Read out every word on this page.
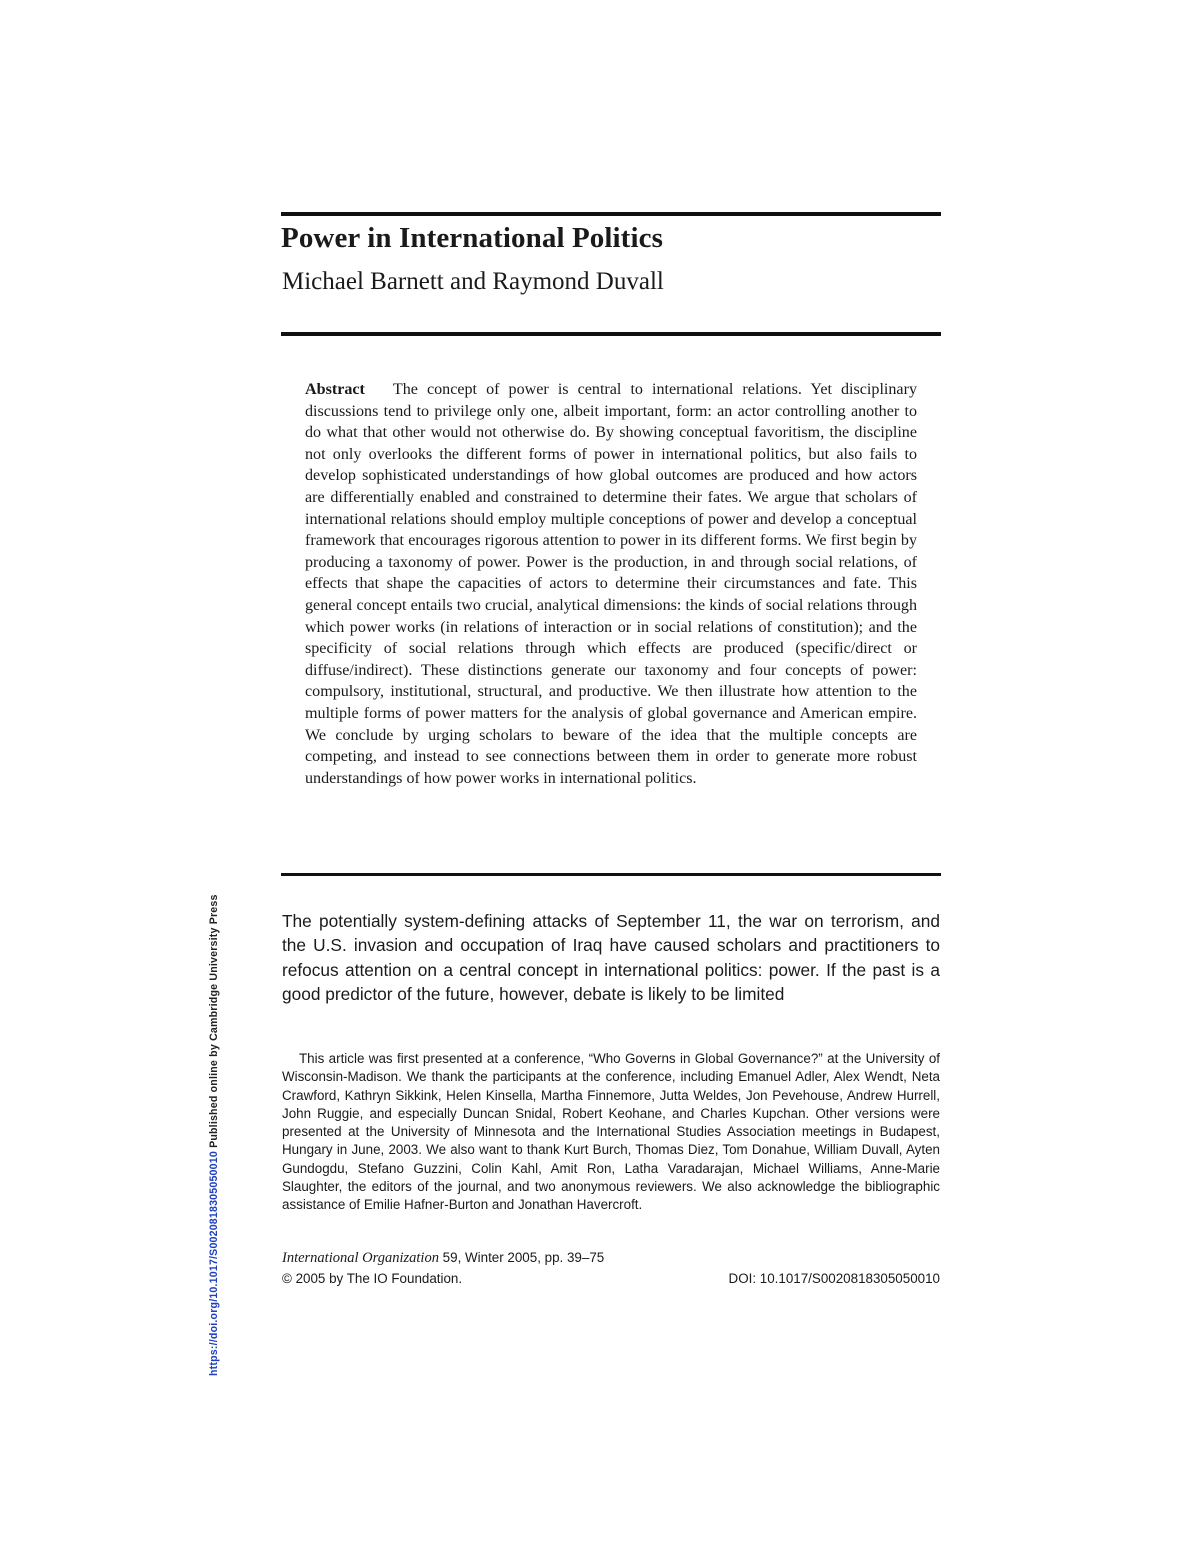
Power in International Politics

Michael Barnett and Raymond Duvall

Abstract The concept of power is central to international relations. Yet disciplinary discussions tend to privilege only one, albeit important, form: an actor controlling another to do what that other would not otherwise do. By showing conceptual favoritism, the discipline not only overlooks the different forms of power in international politics, but also fails to develop sophisticated understandings of how global outcomes are produced and how actors are differentially enabled and constrained to determine their fates. We argue that scholars of international relations should employ multiple conceptions of power and develop a conceptual framework that encourages rigorous attention to power in its different forms. We first begin by producing a taxonomy of power. Power is the production, in and through social relations, of effects that shape the capacities of actors to determine their circumstances and fate. This general concept entails two crucial, analytical dimensions: the kinds of social relations through which power works (in relations of interaction or in social relations of constitution); and the specificity of social relations through which effects are produced (specific/direct or diffuse/indirect). These distinctions generate our taxonomy and four concepts of power: compulsory, institutional, structural, and productive. We then illustrate how attention to the multiple forms of power matters for the analysis of global governance and American empire. We conclude by urging scholars to beware of the idea that the multiple concepts are competing, and instead to see connections between them in order to generate more robust understandings of how power works in international politics.

The potentially system-defining attacks of September 11, the war on terrorism, and the U.S. invasion and occupation of Iraq have caused scholars and practitioners to refocus attention on a central concept in international politics: power. If the past is a good predictor of the future, however, debate is likely to be limited

This article was first presented at a conference, “Who Governs in Global Governance?” at the University of Wisconsin-Madison. We thank the participants at the conference, including Emanuel Adler, Alex Wendt, Neta Crawford, Kathryn Sikkink, Helen Kinsella, Martha Finnemore, Jutta Weldes, Jon Pevehouse, Andrew Hurrell, John Ruggie, and especially Duncan Snidal, Robert Keohane, and Charles Kupchan. Other versions were presented at the University of Minnesota and the International Studies Association meetings in Budapest, Hungary in June, 2003. We also want to thank Kurt Burch, Thomas Diez, Tom Donahue, William Duvall, Ayten Gundogdu, Stefano Guzzini, Colin Kahl, Amit Ron, Latha Varadarajan, Michael Williams, Anne-Marie Slaughter, the editors of the journal, and two anonymous reviewers. We also acknowledge the bibliographic assistance of Emilie Hafner-Burton and Jonathan Havercroft.

International Organization 59, Winter 2005, pp. 39–75

© 2005 by The IO Foundation.	DOI: 10.1017/S0020818305050010

https://doi.org/10.1017/S0020818305050010 Published online by Cambridge University Press
